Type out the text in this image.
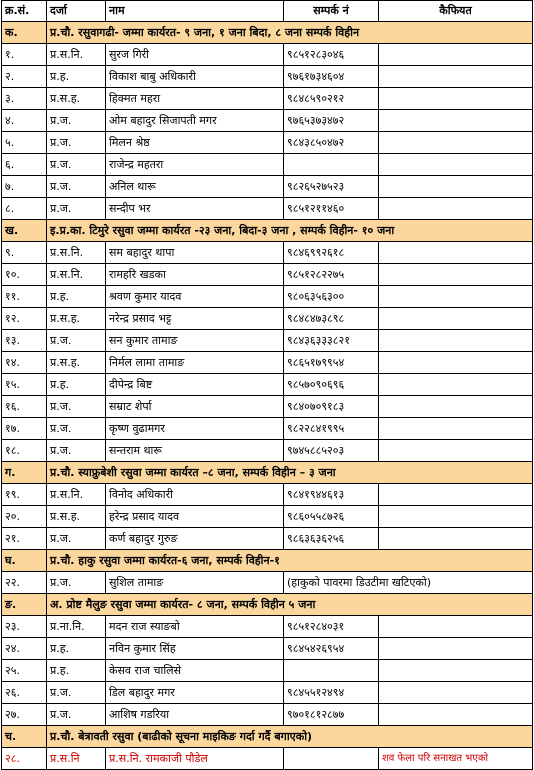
क्र.सं.	दर्जा	नाम	सम्पर्क नं	कैफियत
क.	प्र.चौ. रसुवागढी- जम्मा कार्यरत- ९ जना, १ जना बिदा, ८ जना सम्पर्क विहीन			
१.	प्र.स.नि.	सुरज गिरी	९८५१२८३०४६	
२.	प्र.ह.	विकाश बाबु अधिकारी	९७६१७३४६०४	
३.	प्र.स.ह.	हिक्मत महरा	९८४८५९०२१२	
४.	प्र.ज.	ओम बहादुर सिजापती मगर	९७६५३७३४७२	
५.	प्र.ज.	मिलन श्रेष्ठ	९८४३८५०४७२	
६.	प्र.ज.	राजेन्द्र महतरा		
७.	प्र.ज.	अनिल थारू	९८२६५२७५२३	
८.	प्र.ज.	सन्दीप भर	९८५१२११४६०	
ख.	इ.प्र.का. टिमुरे रसुवा जम्मा कार्यरत -२३ जना, बिदा-३ जना , सम्पर्क विहीन- १० जना			
९.	प्र.स.नि.	सम बहादुर थापा	९८४६९९२६१८	
१०.	प्र.स.नि.	रामहरि खडका	९८५१२८२२७५	
११.	प्र.ह.	श्रवण कुमार यादव	९८०६३५६३००	
१२.	प्र.स.ह.	नरेन्द्र प्रसाद भट्ट	९८४८४७३८९८	
१३.	प्र.ज.	सन कुमार तामाङ	९८४३६३३३८२१	
१४.	प्र.स.ह.	निर्मल लामा तामाङ	९८६५१७९९५४	
१५.	प्र.ह.	दीपेन्द्र बिष्ट	९८५७०९०६९६	
१६.	प्र.ज.	सम्राट शेर्पा	९८४०७०९१८३	
१७.	प्र.ज.	कृष्ण वुढामगर	९८२२८४१९९५	
१८.	प्र.ज.	सन्तराम थारू	९७४५८८५२०३	
ग.	प्र.चौ. स्याफ्रुबेशी रसुवा जम्मा कार्यरत –८ जना, सम्पर्क विहीन – ३ जना			
१९.	प्र.स.नि.	विनोद अधिकारी	९८४१९४४६१३	
२०.	प्र.स.ह.	हरेन्द्र प्रसाद यादव	९८६०५५८७२६	
२१.	प्र.ज.	कर्ण बहादुर गुरुङ	९८६३६३६२५६	
घ.	प्र.चौ. हाकु रसुवा जम्मा कार्यरत-६ जना, सम्पर्क विहीन-१			
२२.	प्र.ज.	सुशिल तामाङ	(हाकुको पावरमा डिउटीमा खटिएको)	
ङ.	अ. प्रोष्ट मैलुङ रसुवा जम्मा कार्यरत- ८ जना, सम्पर्क विहीन ५ जना			
२३.	प्र.ना.नि.	मदन राज स्याङबो	९८५१२८४०३१	
२४.	प्र.ह.	नविन कुमार सिंह	९८४५४२६९५४	
२५.	प्र.ह.	केसव राज चालिसे		
२६.	प्र.ज.	डिल बहादुर मगर	९८४५५१२४९४	
२७.	प्र.ज.	आशिष गडरिया	९७०१८१२८७७	
च.	प्र.चौ. बेत्रावती रसुवा (बाढीको सूचना माइकिङ गर्दा गर्दै बगाएको)			
२८.	प्र.स.नि	प्र.स.नि. रामकाजी पौडेल		शव फेला परि सनाखत भएको
